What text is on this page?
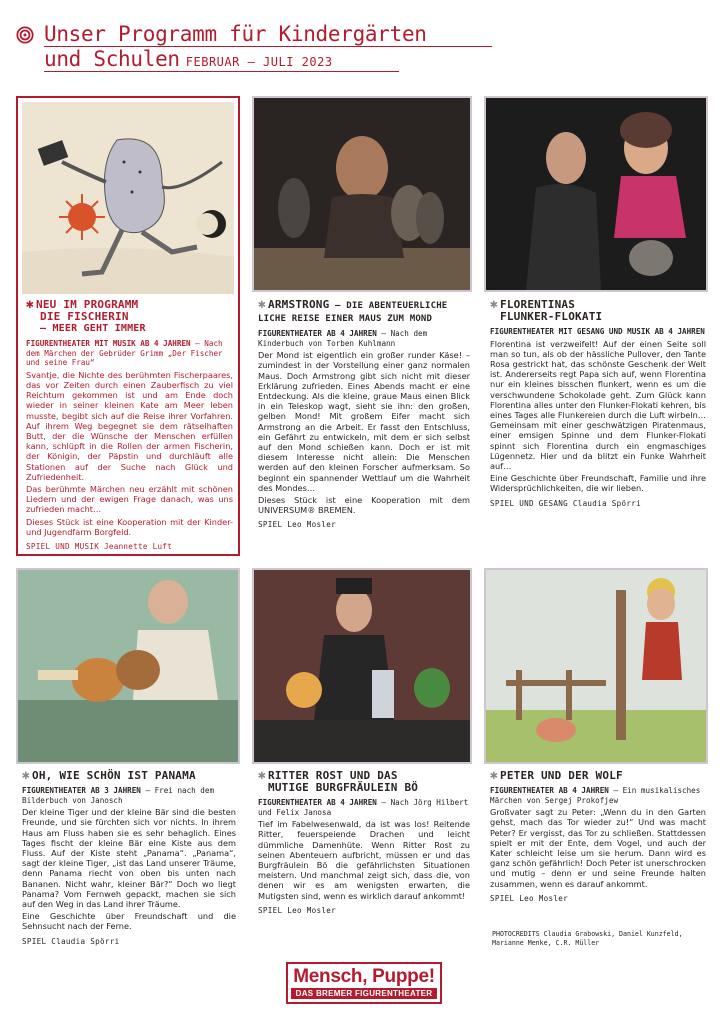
Unser Programm für Kindergärten
und Schulen FEBRUAR – JULI 2023
✱ NEU IM PROGRAMM
DIE FISCHERIN
– MEER GEHT IMMER
FIGURENTHEATER MIT MUSIK AB 4 JAHREN – Nach dem Märchen der Gebrüder Grimm „Der Fischer und seine Frau“

Svantje, die Nichte des berühmten Fischerpaares, das vor Zeiten durch einen Zauberfisch zu viel Reichtum gekommen ist und am Ende doch wieder in seiner kleinen Kate am Meer leben musste, begibt sich auf die Reise ihrer Vorfahren. Auf ihrem Weg begegnet sie dem rätselhaften Butt, der die Wünsche der Menschen erfüllen kann, schlüpft in die Rollen der armen Fischerin, der Königin, der Päpstin und durchläuft alle Stationen auf der Suche nach Glück und Zufriedenheit.

Das berühmte Märchen neu erzählt mit schönen Liedern und der ewigen Frage danach, was uns zufrieden macht…

Dieses Stück ist eine Kooperation mit der Kinder- und Jugendfarm Borgfeld.

SPIEL UND MUSIK Jeannette Luft
✱ ARMSTRONG – DIE ABENTEUERLICHE LICHE REISE EINER MAUS ZUM MOND
FIGURENTHEATER AB 4 JAHREN – Nach dem Kinderbuch von Torben Kuhlmann

Der Mond ist eigentlich ein großer runder Käse! – zumindest in der Vorstellung einer ganz normalen Maus. Doch Armstrong gibt sich nicht mit dieser Erklärung zufrieden. Eines Abends macht er eine Entdeckung. Als die kleine, graue Maus einen Blick in ein Teleskop wagt, sieht sie ihn: den großen, gelben Mond! Mit großem Eifer macht sich Armstrong an die Arbeit. Er fasst den Entschluss, ein Gefährt zu entwickeln, mit dem er sich selbst auf den Mond schießen kann. Doch er ist mit diesem Interesse nicht allein: Die Menschen werden auf den kleinen Forscher aufmerksam. So beginnt ein spannender Wettlauf um die Wahrheit des Mondes…

Dieses Stück ist eine Kooperation mit dem UNIVERSUM® BREMEN.

SPIEL Leo Mosler
✱ FLORENTINAS
FLUNKER-FLOKATI
FIGURENTHEATER MIT GESANG UND MUSIK AB 4 JAHREN

Florentina ist verzweifelt! Auf der einen Seite soll man so tun, als ob der hässliche Pullover, den Tante Rosa gestrickt hat, das schönste Geschenk der Welt ist. Andererseits regt Papa sich auf, wenn Florentina nur ein kleines bisschen flunkert, wenn es um die verschwundene Schokolade geht. Zum Glück kann Florentina alles unter den Flunker-Flokati kehren, bis eines Tages alle Flunkereien durch die Luft wirbeln… Gemeinsam mit einer geschwätzigen Piratenmaus, einer emsigen Spinne und dem Flunker-Flokati spinnt sich Florentina durch ein engmaschiges Lügennetz. Hier und da blitzt ein Funke Wahrheit auf…

Eine Geschichte über Freundschaft, Familie und ihre Widersprüchlichkeiten, die wir lieben.

SPIEL UND GESANG Claudia Spörri
✱ OH, WIE SCHÖN IST PANAMA
FIGURENTHEATER AB 3 JAHREN – Frei nach dem Bilderbuch von Janosch

Der kleine Tiger und der kleine Bär sind die besten Freunde, und sie fürchten sich vor nichts. In ihrem Haus am Fluss haben sie es sehr behaglich. Eines Tages fischt der kleine Bär eine Kiste aus dem Fluss. Auf der Kiste steht „Panama“. „Panama“, sagt der kleine Tiger, „ist das Land unserer Träume, denn Panama riecht von oben bis unten nach Bananen. Nicht wahr, kleiner Bär?“ Doch wo liegt Panama? Vom Fernweh gepackt, machen sie sich auf den Weg in das Land ihrer Träume.

Eine Geschichte über Freundschaft und die Sehnsucht nach der Ferne.

SPIEL Claudia Spörri
✱ RITTER ROST UND DAS
MUTIGE BURGFRÄULEIN BÖ
FIGURENTHEATER AB 4 JAHREN – Nach Jörg Hilbert und Felix Janosa

Tief im Fabelwesenwald, da ist was los! Reitende Ritter, feuerspeiende Drachen und leicht dümmliche Damenhüte. Wenn Ritter Rost zu seinen Abenteuern aufbricht, müssen er und das Burgfräulein Bö die gefährlichsten Situationen meistern. Und manchmal zeigt sich, dass die, von denen wir es am wenigsten erwarten, die Mutigsten sind, wenn es wirklich darauf ankommt!

SPIEL Leo Mosler
✱ PETER UND DER WOLF
FIGURENTHEATER AB 4 JAHREN – Ein musikalisches Märchen von Sergej Prokofjew

Großvater sagt zu Peter: „Wenn du in den Garten gehst, mach das Tor wieder zu!“ Und was macht Peter? Er vergisst, das Tor zu schließen. Stattdessen spielt er mit der Ente, dem Vogel, und auch der Kater schleicht leise um sie herum. Dann wird es ganz schön gefährlich! Doch Peter ist unerschrocken und mutig – denn er und seine Freunde halten zusammen, wenn es darauf ankommt.

SPIEL Leo Mosler
PHOTOCREDITS Claudia Grabowski, Daniel Kunzfeld, Marianne Menke, C.R. Müller
Mensch, Puppe!
DAS BREMER FIGURENTHEATER
